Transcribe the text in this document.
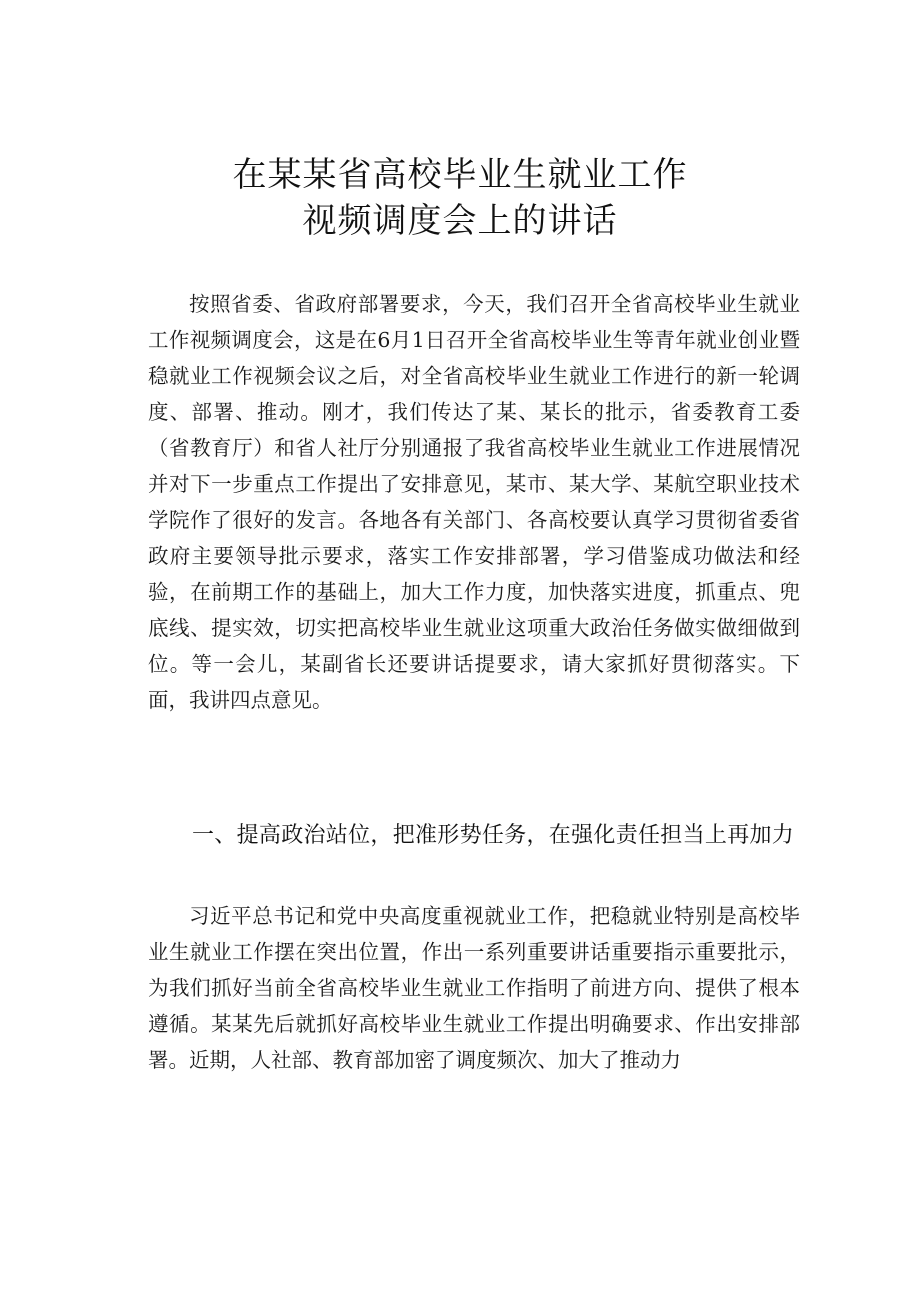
在某某省高校毕业生就业工作
视频调度会上的讲话

按照省委、省政府部署要求，今天，我们召开全省高校毕业生就业工作视频调度会，这是在6月1日召开全省高校毕业生等青年就业创业暨稳就业工作视频会议之后，对全省高校毕业生就业工作进行的新一轮调度、部署、推动。刚才，我们传达了某、某长的批示，省委教育工委（省教育厅）和省人社厅分别通报了我省高校毕业生就业工作进展情况并对下一步重点工作提出了安排意见，某市、某大学、某航空职业技术学院作了很好的发言。各地各有关部门、各高校要认真学习贯彻省委省政府主要领导批示要求，落实工作安排部署，学习借鉴成功做法和经验，在前期工作的基础上，加大工作力度，加快落实进度，抓重点、兜底线、提实效，切实把高校毕业生就业这项重大政治任务做实做细做到位。等一会儿，某副省长还要讲话提要求，请大家抓好贯彻落实。下面，我讲四点意见。

一、提高政治站位，把准形势任务，在强化责任担当上再加力

习近平总书记和党中央高度重视就业工作，把稳就业特别是高校毕业生就业工作摆在突出位置，作出一系列重要讲话重要指示重要批示，为我们抓好当前全省高校毕业生就业工作指明了前进方向、提供了根本遵循。某某先后就抓好高校毕业生就业工作提出明确要求、作出安排部署。近期，人社部、教育部加密了调度频次、加大了推动力
